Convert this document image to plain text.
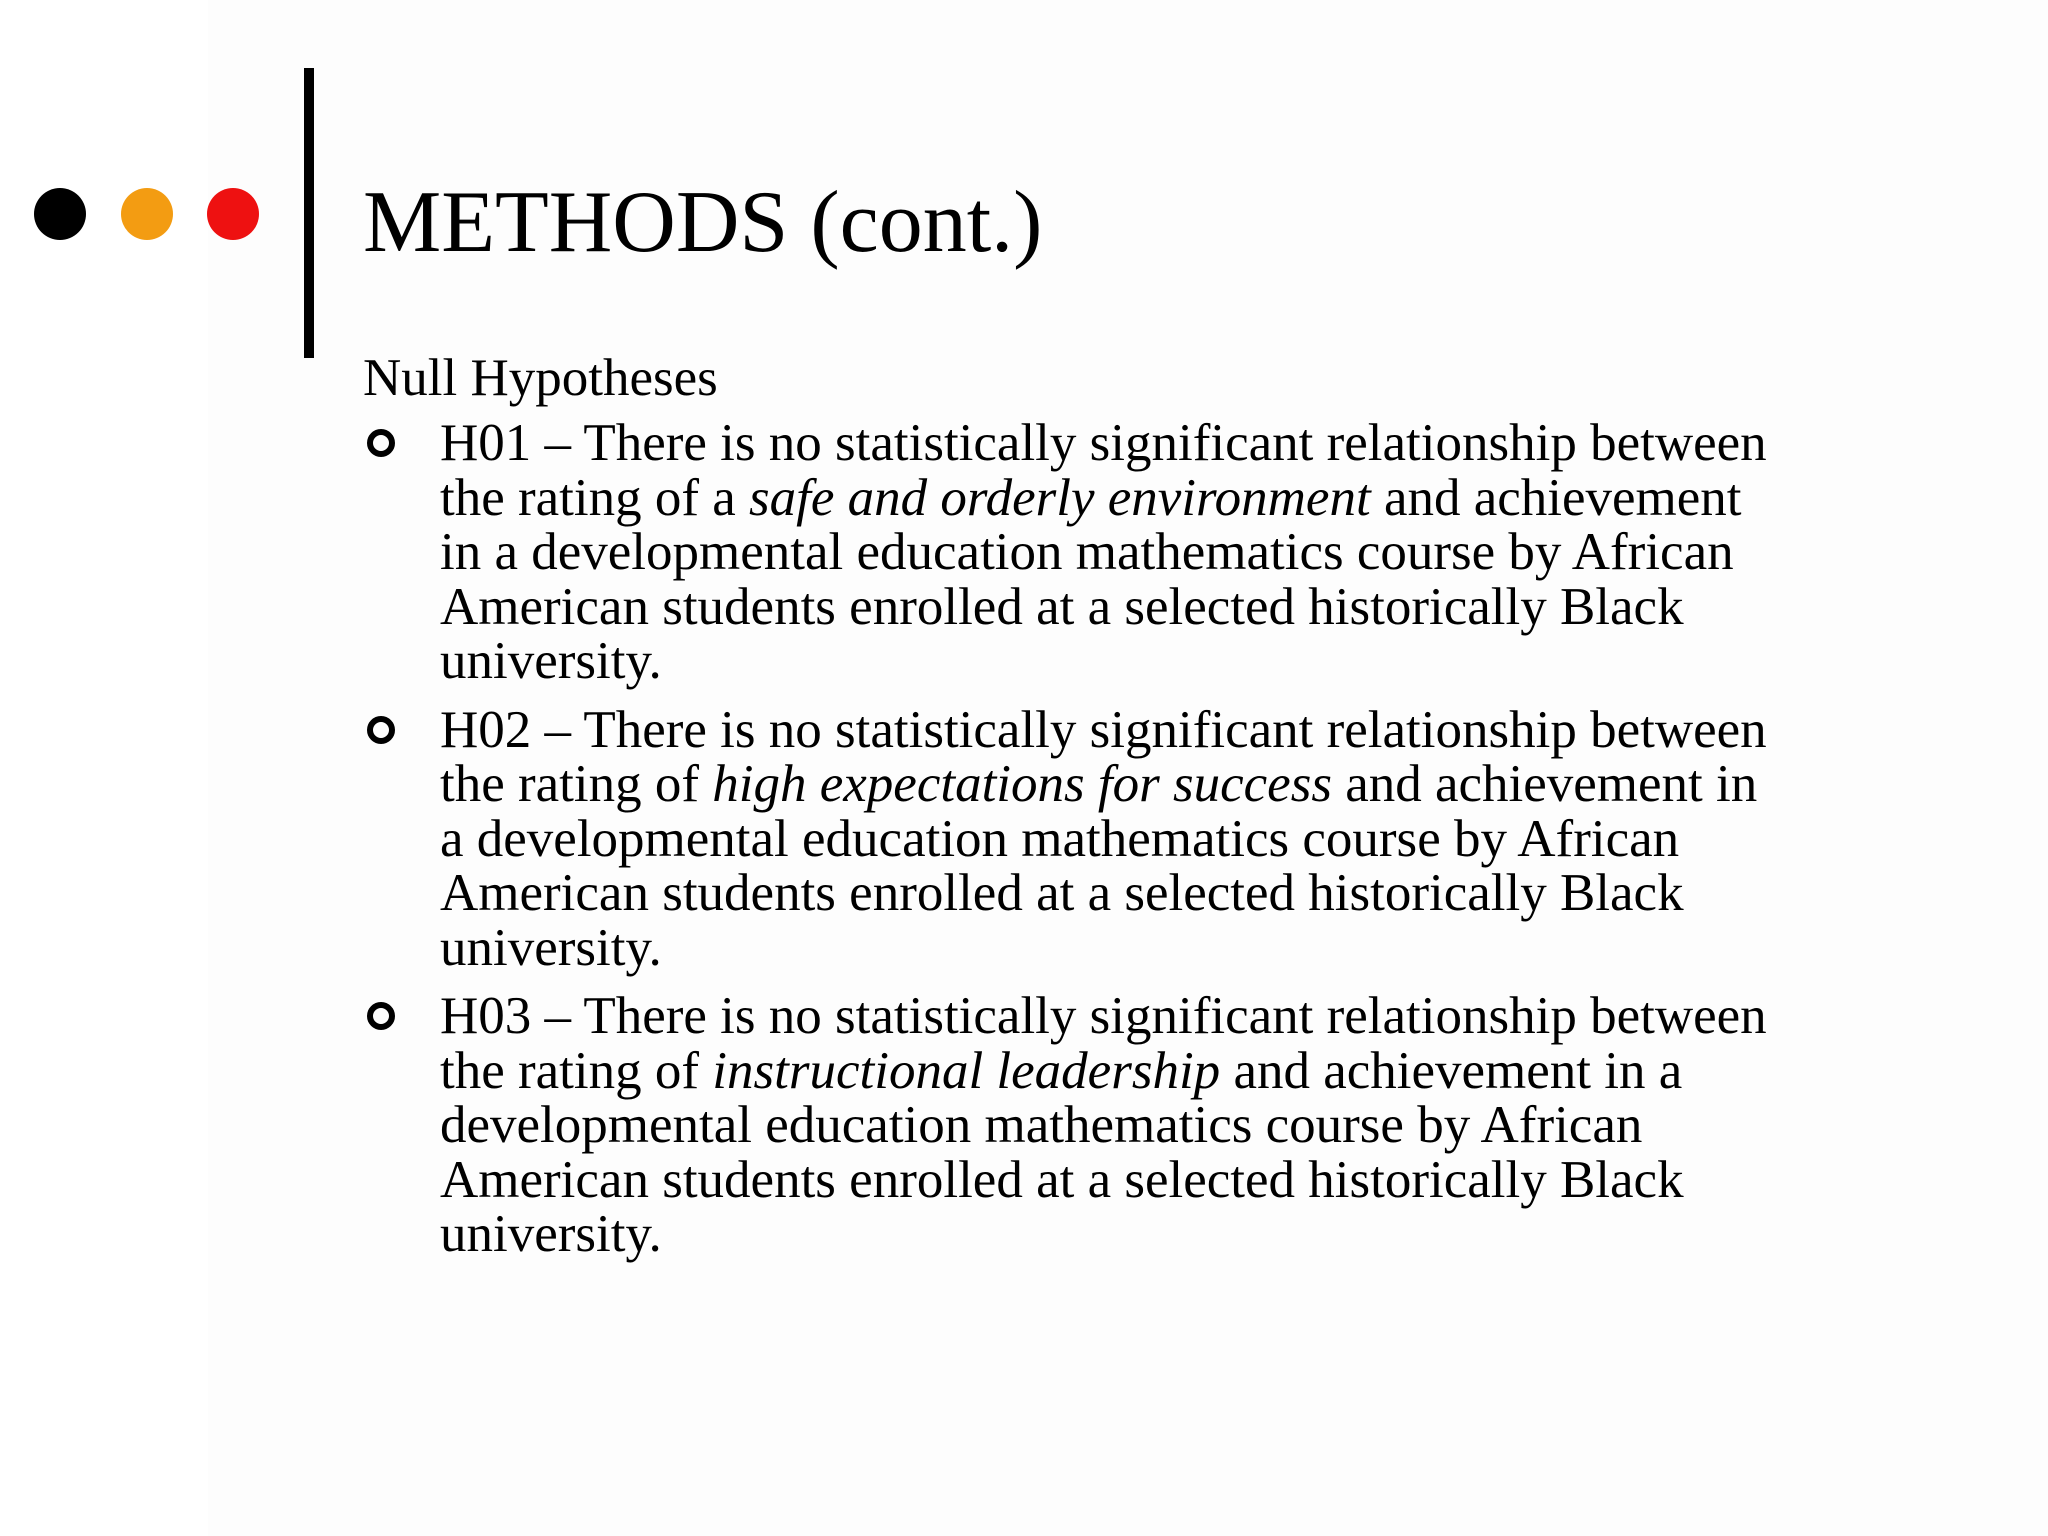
METHODS (cont.)
Null Hypotheses
H01 – There is no statistically significant relationship between
the rating of a safe and orderly environment and achievement
in a developmental education mathematics course by African
American students enrolled at a selected historically Black
university.
H02 – There is no statistically significant relationship between
the rating of high expectations for success and achievement in
a developmental education mathematics course by African
American students enrolled at a selected historically Black
university.
H03 – There is no statistically significant relationship between
the rating of instructional leadership and achievement in a
developmental education mathematics course by African
American students enrolled at a selected historically Black
university.
